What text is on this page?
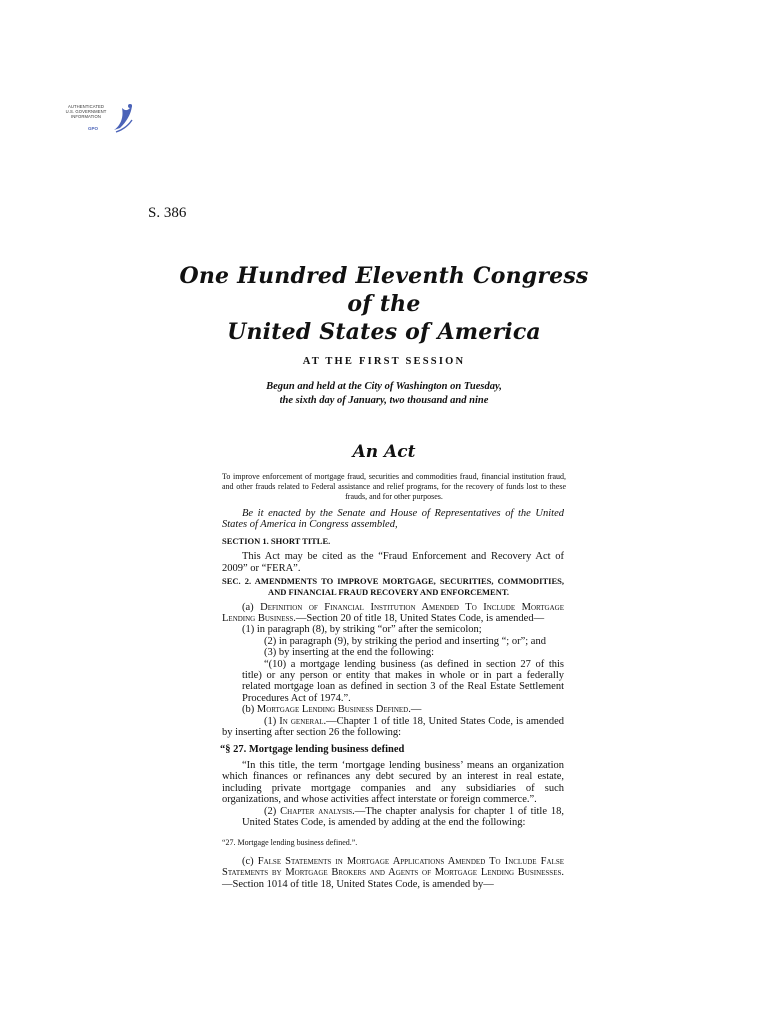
AUTHENTICATED
U.S. GOVERNMENT
INFORMATION
GPO
S. 386
One Hundred Eleventh Congress
of the
United States of America
AT THE FIRST SESSION
Begun and held at the City of Washington on Tuesday,
the sixth day of January, two thousand and nine
An Act
To improve enforcement of mortgage fraud, securities and commodities fraud, financial institution fraud, and other frauds related to Federal assistance and relief programs, for the recovery of funds lost to these frauds, and for other purposes.
Be it enacted by the Senate and House of Representatives of the United States of America in Congress assembled,
SECTION 1. SHORT TITLE.
This Act may be cited as the “Fraud Enforcement and Recovery Act of 2009” or “FERA”.
SEC. 2. AMENDMENTS TO IMPROVE MORTGAGE, SECURITIES, COMMODITIES, AND FINANCIAL FRAUD RECOVERY AND ENFORCEMENT.
(a) Definition of Financial Institution Amended To Include Mortgage Lending Business.—Section 20 of title 18, United States Code, is amended—
(1) in paragraph (8), by striking “or” after the semicolon;
(2) in paragraph (9), by striking the period and inserting “; or”; and
(3) by inserting at the end the following:
“(10) a mortgage lending business (as defined in section 27 of this title) or any person or entity that makes in whole or in part a federally related mortgage loan as defined in section 3 of the Real Estate Settlement Procedures Act of 1974.”.
(b) Mortgage Lending Business Defined.—
(1) In general.—Chapter 1 of title 18, United States Code, is amended by inserting after section 26 the following:
“§ 27. Mortgage lending business defined
“In this title, the term ‘mortgage lending business’ means an organization which finances or refinances any debt secured by an interest in real estate, including private mortgage companies and any subsidiaries of such organizations, and whose activities affect interstate or foreign commerce.”.
(2) Chapter analysis.—The chapter analysis for chapter 1 of title 18, United States Code, is amended by adding at the end the following:
“27. Mortgage lending business defined.”.
(c) False Statements in Mortgage Applications Amended To Include False Statements by Mortgage Brokers and Agents of Mortgage Lending Businesses.—Section 1014 of title 18, United States Code, is amended by—
